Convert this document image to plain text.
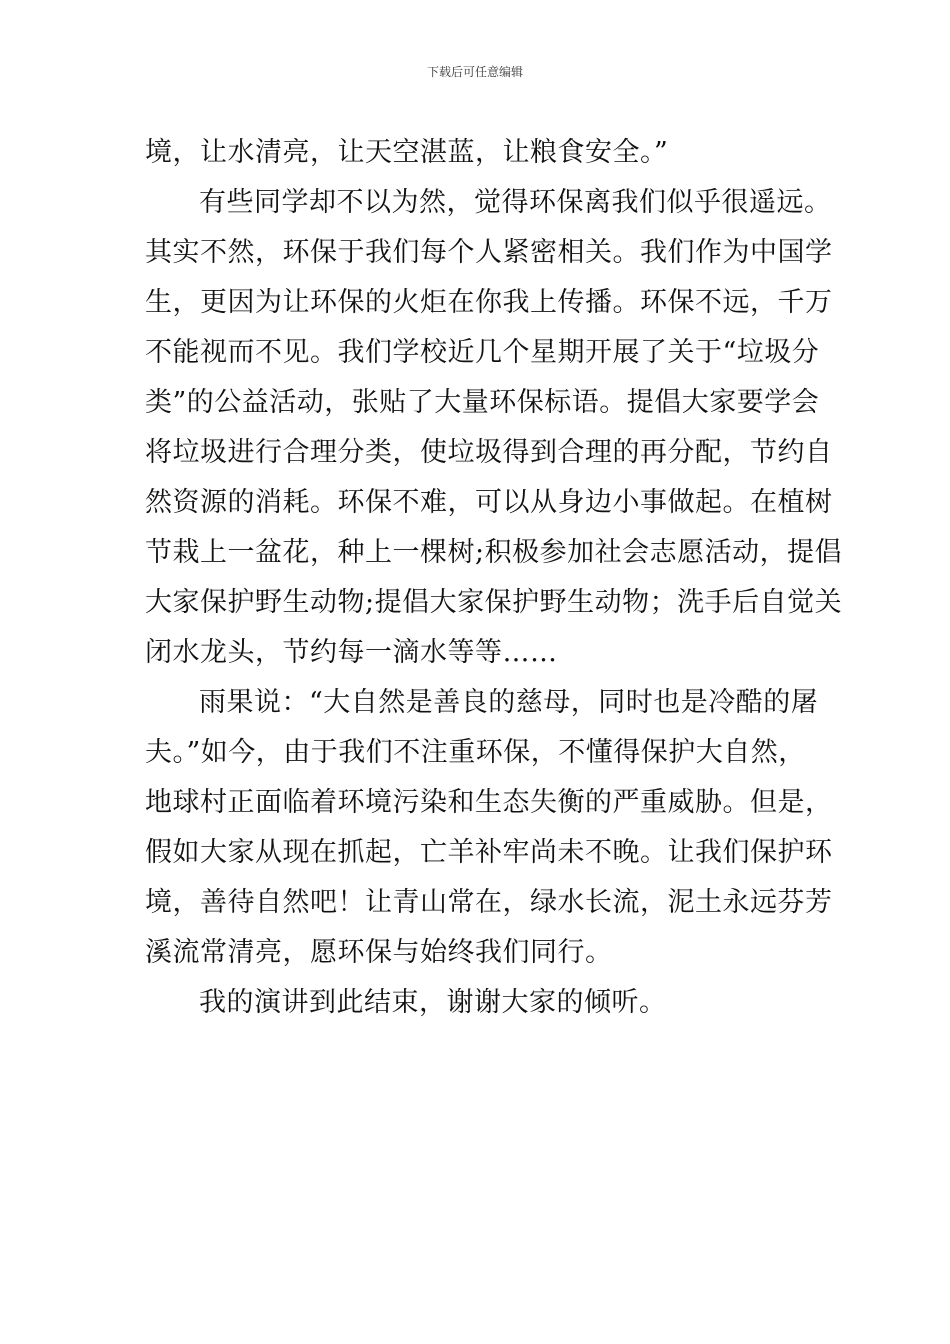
下载后可任意编辑
境，让水清亮，让天空湛蓝，让粮食安全。”
有些同学却不以为然，觉得环保离我们似乎很遥远。
其实不然，环保于我们每个人紧密相关。我们作为中国学
生，更因为让环保的火炬在你我上传播。环保不远，千万
不能视而不见。我们学校近几个星期开展了关于“垃圾分
类”的公益活动，张贴了大量环保标语。提倡大家要学会
将垃圾进行合理分类，使垃圾得到合理的再分配，节约自
然资源的消耗。环保不难，可以从身边小事做起。在植树
节栽上一盆花，种上一棵树;积极参加社会志愿活动，提倡
大家保护野生动物;提倡大家保护野生动物；洗手后自觉关
闭水龙头，节约每一滴水等等……
雨果说：“大自然是善良的慈母，同时也是冷酷的屠
夫。”如今，由于我们不注重环保，不懂得保护大自然，
地球村正面临着环境污染和生态失衡的严重威胁。但是，
假如大家从现在抓起，亡羊补牢尚未不晚。让我们保护环
境，善待自然吧！让青山常在，绿水长流，泥土永远芬芳
溪流常清亮，愿环保与始终我们同行。
我的演讲到此结束，谢谢大家的倾听。
